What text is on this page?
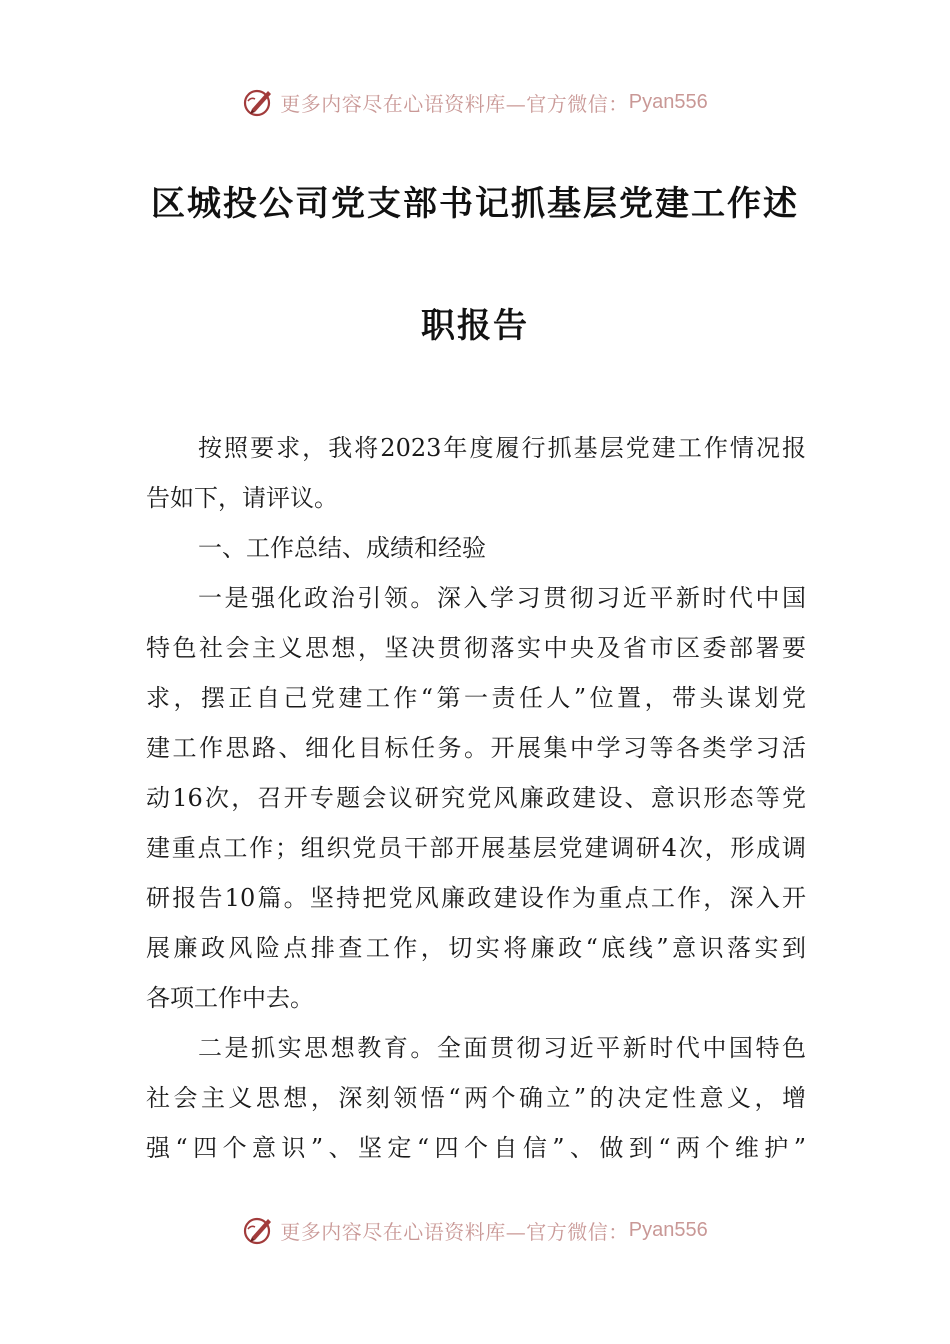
更多内容尽在心语资料库—官方微信： Pyan556
区城投公司党支部书记抓基层党建工作述
职报告
按照要求，我将2023年度履行抓基层党建工作情况报
告如下，请评议。
一、工作总结、成绩和经验
一是强化政治引领。深入学习贯彻习近平新时代中国
特色社会主义思想，坚决贯彻落实中央及省市区委部署要
求，摆正自己党建工作“第一责任人”位置，带头谋划党
建工作思路、细化目标任务。开展集中学习等各类学习活
动16次，召开专题会议研究党风廉政建设、意识形态等党
建重点工作；组织党员干部开展基层党建调研4次，形成调
研报告10篇。坚持把党风廉政建设作为重点工作，深入开
展廉政风险点排查工作，切实将廉政“底线”意识落实到
各项工作中去。
二是抓实思想教育。全面贯彻习近平新时代中国特色
社会主义思想，深刻领悟“两个确立”的决定性意义，增
强“四个意识”、坚定“四个自信”、做到“两个维护”
更多内容尽在心语资料库—官方微信： Pyan556
